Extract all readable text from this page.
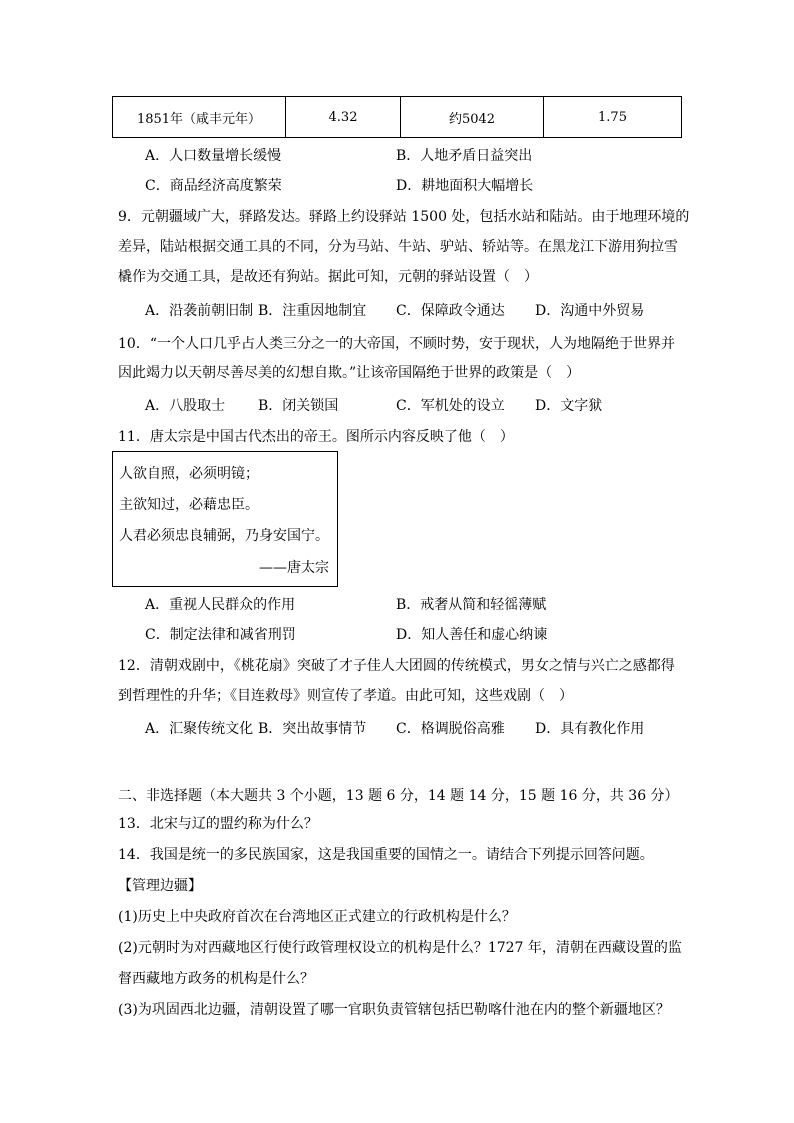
1851年（咸丰元年）	4.32	约5042	1.75
A．人口数量增长缓慢	B．人地矛盾日益突出
C．商品经济高度繁荣	D．耕地面积大幅增长
9．元朝疆域广大，驿路发达。驿路上约设驿站 1500 处，包括水站和陆站。由于地理环境的
差异，陆站根据交通工具的不同，分为马站、牛站、驴站、轿站等。在黑龙江下游用狗拉雪
橇作为交通工具，是故还有狗站。据此可知，元朝的驿站设置（　）
A．沿袭前朝旧制 B．注重因地制宜 C．保障政令通达 D．沟通中外贸易
10．“一个人口几乎占人类三分之一的大帝国，不顾时势，安于现状，人为地隔绝于世界并
因此竭力以天朝尽善尽美的幻想自欺。”让该帝国隔绝于世界的政策是（　）
A．八股取士 B．闭关锁国	C．军机处的设立 D．文字狱
11．唐太宗是中国古代杰出的帝王。图所示内容反映了他（　）
人欲自照，必须明镜；
主欲知过，必藉忠臣。
人君必须忠良辅弼，乃身安国宁。
——唐太宗
A．重视人民群众的作用	B．戒奢从简和轻徭薄赋
C．制定法律和减省刑罚	D．知人善任和虚心纳谏
12．清朝戏剧中，《桃花扇》突破了才子佳人大团圆的传统模式，男女之情与兴亡之感都得
到哲理性的升华；《目连救母》则宣传了孝道。由此可知，这些戏剧（　）
A．汇聚传统文化 B．突出故事情节 C．格调脱俗高雅 D．具有教化作用
二、非选择题（本大题共 3 个小题，13 题 6 分，14 题 14 分，15 题 16 分，共 36 分）
13．北宋与辽的盟约称为什么？
14．我国是统一的多民族国家，这是我国重要的国情之一。请结合下列提示回答问题。
【管理边疆】
(1)历史上中央政府首次在台湾地区正式建立的行政机构是什么？
(2)元朝时为对西藏地区行使行政管理权设立的机构是什么？1727 年，清朝在西藏设置的监
督西藏地方政务的机构是什么？
(3)为巩固西北边疆，清朝设置了哪一官职负责管辖包括巴勒喀什池在内的整个新疆地区？
